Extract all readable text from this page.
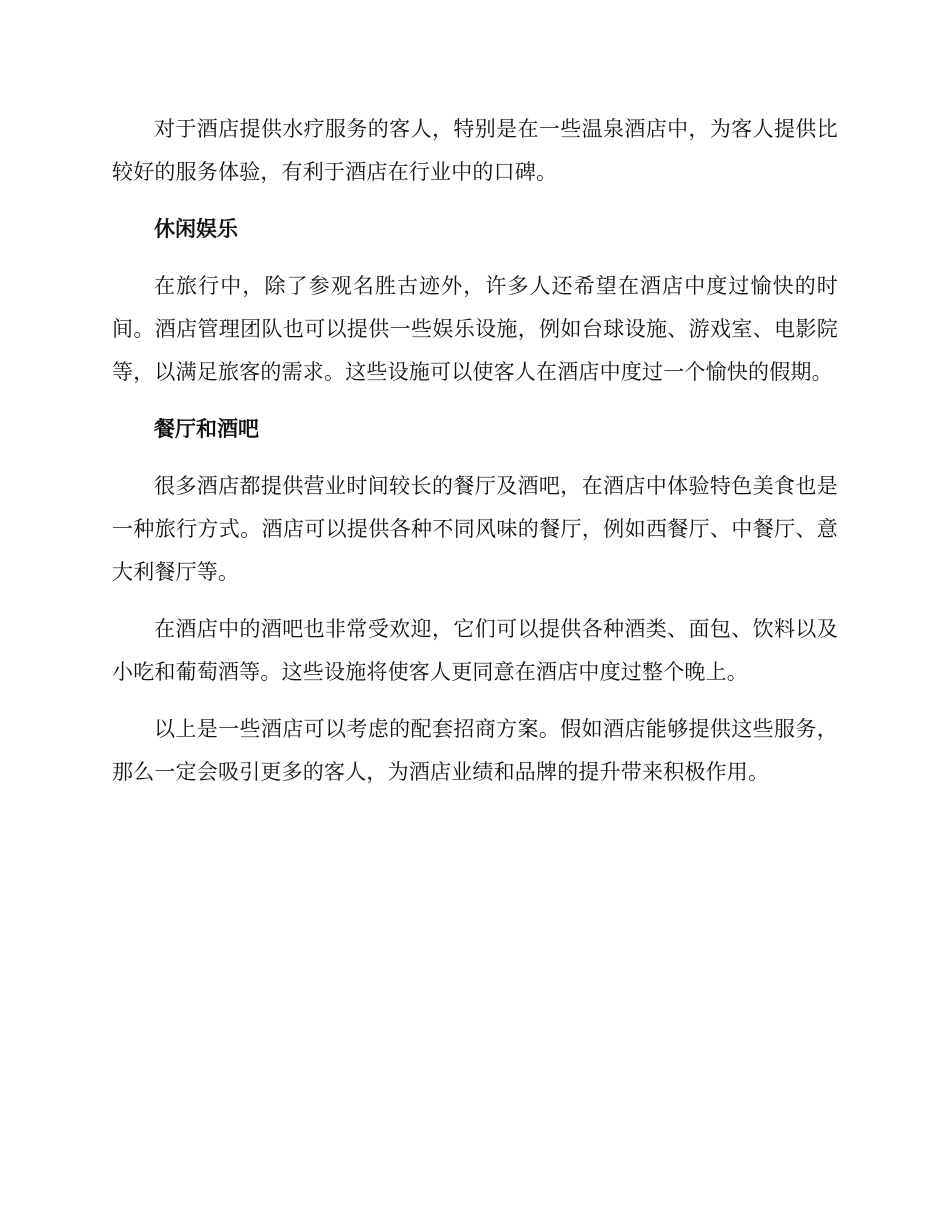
对于酒店提供水疗服务的客人，特别是在一些温泉酒店中，为客人提供比较好的服务体验，有利于酒店在行业中的口碑。

休闲娱乐

在旅行中，除了参观名胜古迹外，许多人还希望在酒店中度过愉快的时间。酒店管理团队也可以提供一些娱乐设施，例如台球设施、游戏室、电影院等，以满足旅客的需求。这些设施可以使客人在酒店中度过一个愉快的假期。

餐厅和酒吧

很多酒店都提供营业时间较长的餐厅及酒吧，在酒店中体验特色美食也是一种旅行方式。酒店可以提供各种不同风味的餐厅，例如西餐厅、中餐厅、意大利餐厅等。

在酒店中的酒吧也非常受欢迎，它们可以提供各种酒类、面包、饮料以及小吃和葡萄酒等。这些设施将使客人更同意在酒店中度过整个晚上。

以上是一些酒店可以考虑的配套招商方案。假如酒店能够提供这些服务，那么一定会吸引更多的客人，为酒店业绩和品牌的提升带来积极作用。
